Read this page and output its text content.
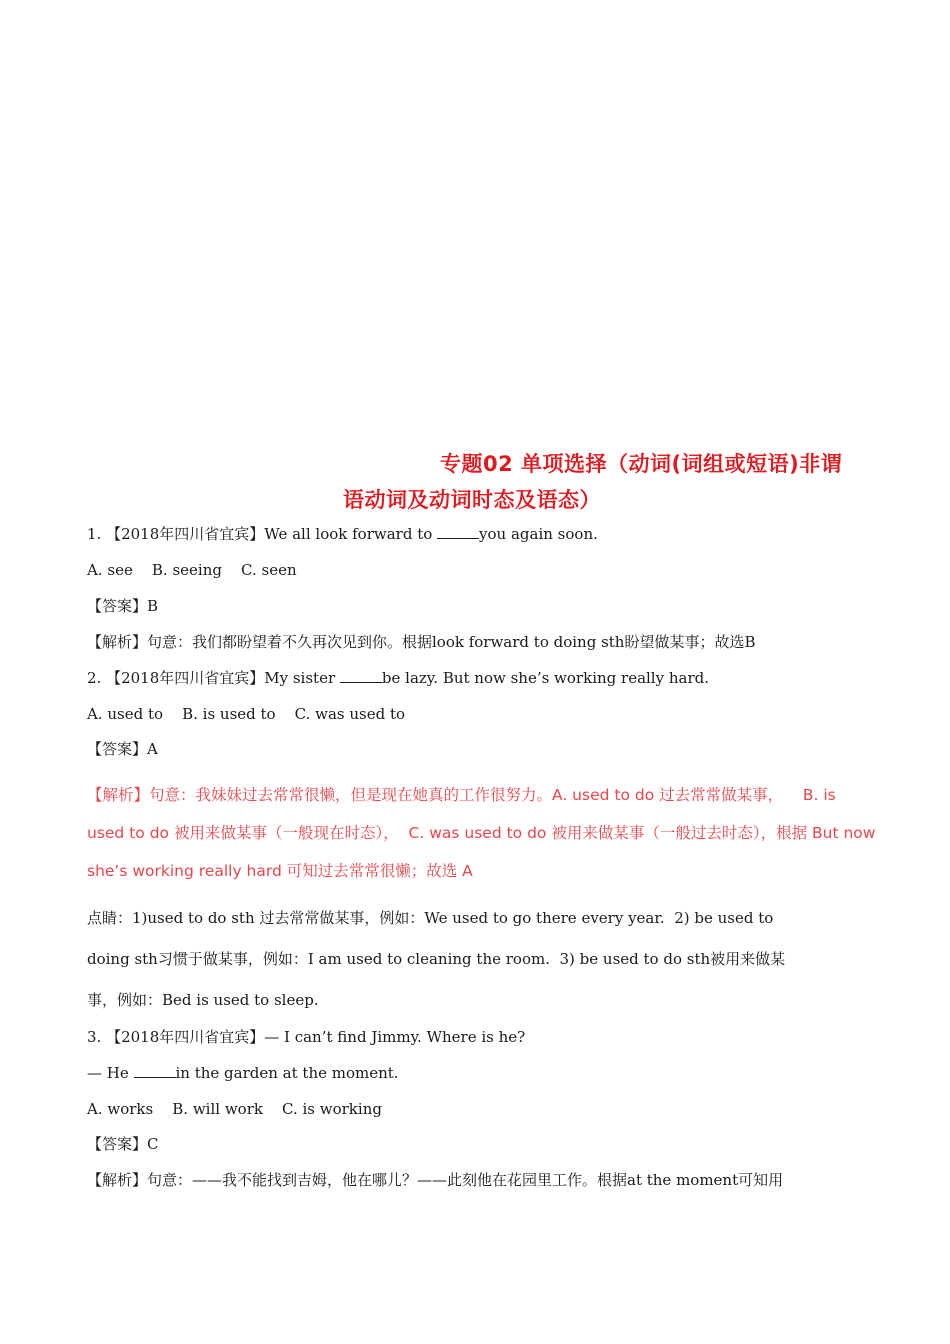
专题02 单项选择（动词(词组或短语)非谓
语动词及动词时态及语态）
1. 【2018年四川省宜宾】We all look forward to	you again soon.
A. see    B. seeing    C. seen
【答案】B
【解析】句意：我们都盼望着不久再次见到你。根据look forward to doing sth盼望做某事；故选B
2. 【2018年四川省宜宾】My sister	be lazy. But now she’s working really hard.
A. used to    B. is used to    C. was used to
【答案】A
【解析】句意：我妹妹过去常常很懒，但是现在她真的工作很努力。A. used to do 过去常常做某事，    B. is
used to do 被用来做某事（一般现在时态），  C. was used to do 被用来做某事（一般过去时态），根据 But now
she’s working really hard 可知过去常常很懒；故选 A
点睛：1)used to do sth 过去常常做某事，例如：We used to go there every year.  2) be used to
doing sth习惯于做某事，例如：I am used to cleaning the room.  3) be used to do sth被用来做某
事，例如：Bed is used to sleep.
3. 【2018年四川省宜宾】— I can’t find Jimmy. Where is he?
— He	in the garden at the moment.
A. works    B. will work    C. is working
【答案】C
【解析】句意：——我不能找到吉姆，他在哪儿？——此刻他在花园里工作。根据at the moment可知用
